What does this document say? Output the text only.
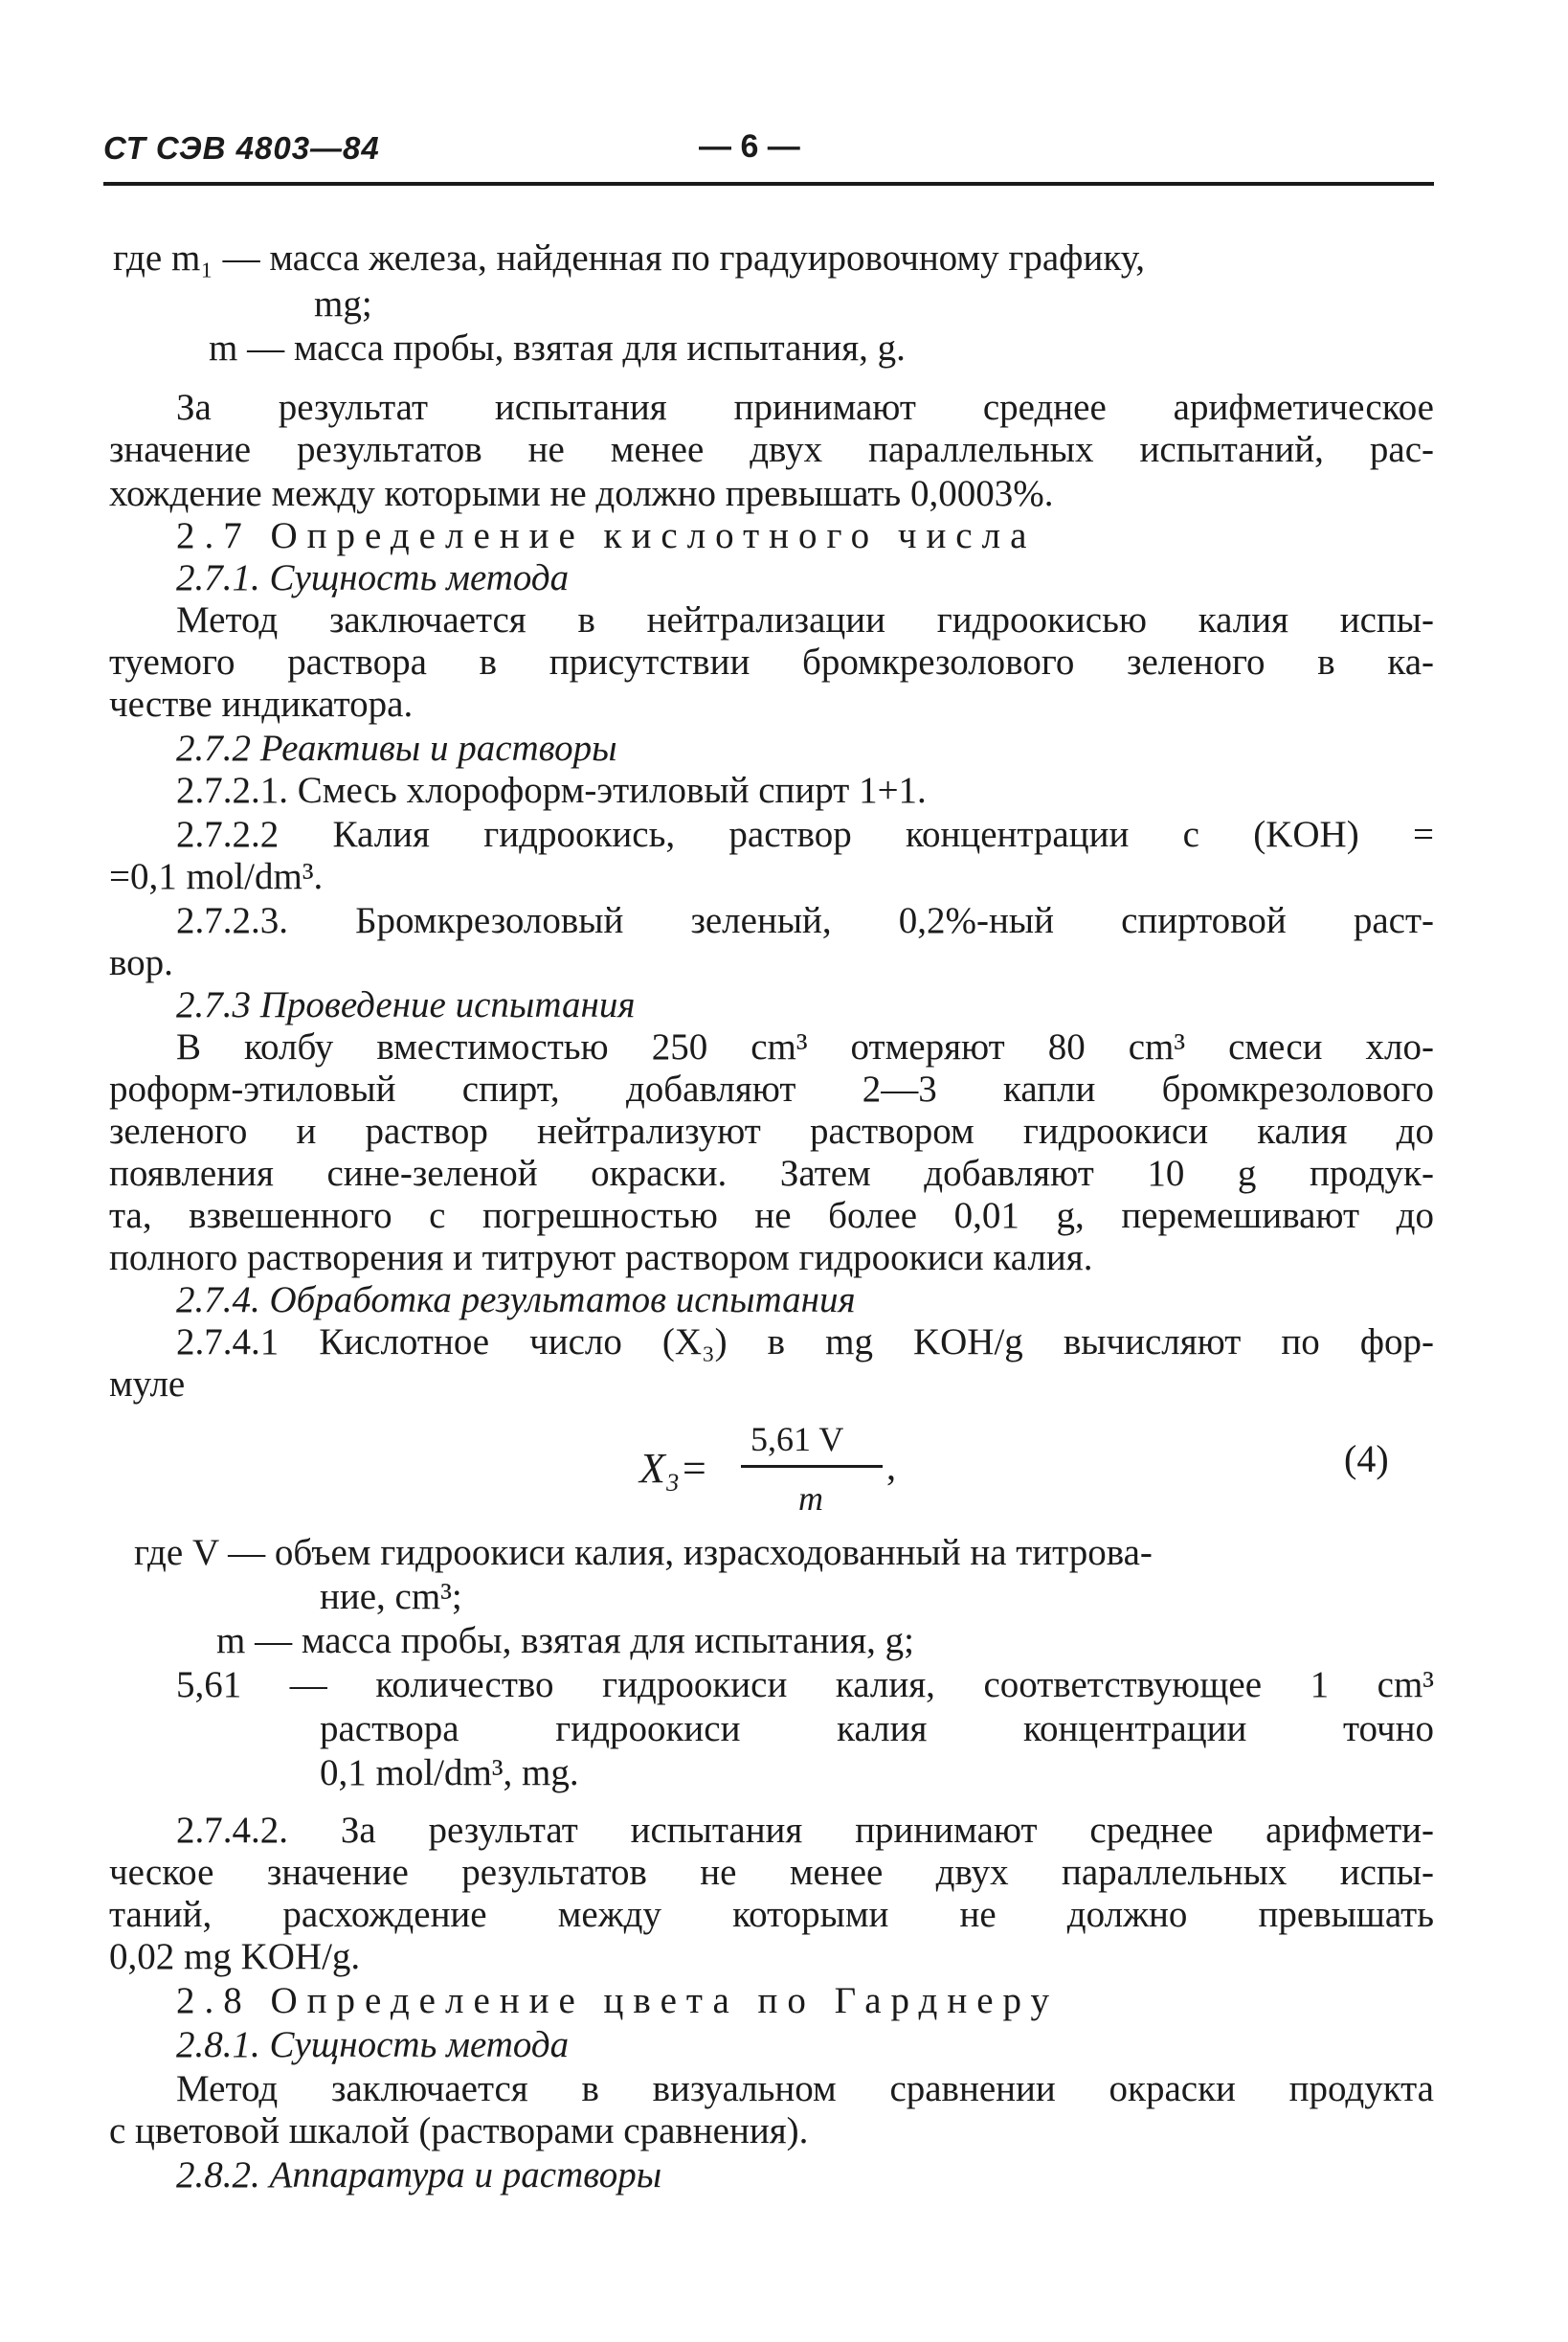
СТ СЭВ 4803—84	— 6 —
где m₁ — масса железа, найденная по градуировочному графику,
mg;
m — масса пробы, взятая для испытания, g.
За результат испытания принимают среднее арифметическое
значение результатов не менее двух параллельных испытаний, рас-
хождение между которыми не должно превышать 0,0003%.
2.7 Определение кислотного числа
2.7.1. Сущность метода
Метод заключается в нейтрализации гидроокисью калия испы-
туемого раствора в присутствии бромкрезолового зеленого в ка-
честве индикатора.
2.7.2 Реактивы и растворы
2.7.2.1. Смесь хлороформ-этиловый спирт 1+1.
2.7.2.2 Калия гидроокись, раствор концентрации c (KOH) =
=0,1 mol/dm³.
2.7.2.3. Бромкрезоловый зеленый, 0,2%-ный спиртовой раст-
вор.
2.7.3 Проведение испытания
В колбу вместимостью 250 cm³ отмеряют 80 cm³ смеси хло-
роформ-этиловый спирт, добавляют 2—3 капли бромкрезолового
зеленого и раствор нейтрализуют раствором гидроокиси калия до
появления сине-зеленой окраски. Затем добавляют 10 g продук-
та, взвешенного с погрешностью не более 0,01 g, перемешивают до
полного растворения и титруют раствором гидроокиси калия.
2.7.4. Обработка результатов испытания
2.7.4.1 Кислотное число (X₃) в mg KOH/g вычисляют по фор-
муле
X₃=
5,61 V
m
,	(4)
где V — объем гидроокиси калия, израсходованный на титрова-
ние, cm³;
m — масса пробы, взятая для испытания, g;
5,61 — количество гидроокиси калия, соответствующее 1 cm³
раствора гидроокиси калия концентрации точно
0,1 mol/dm³, mg.
2.7.4.2. За результат испытания принимают среднее арифмети-
ческое значение результатов не менее двух параллельных испы-
таний, расхождение между которыми не должно превышать
0,02 mg KOH/g.
2.8 Определение цвета по Гарднеру
2.8.1. Сущность метода
Метод заключается в визуальном сравнении окраски продукта
с цветовой шкалой (растворами сравнения).
2.8.2. Аппаратура и растворы
